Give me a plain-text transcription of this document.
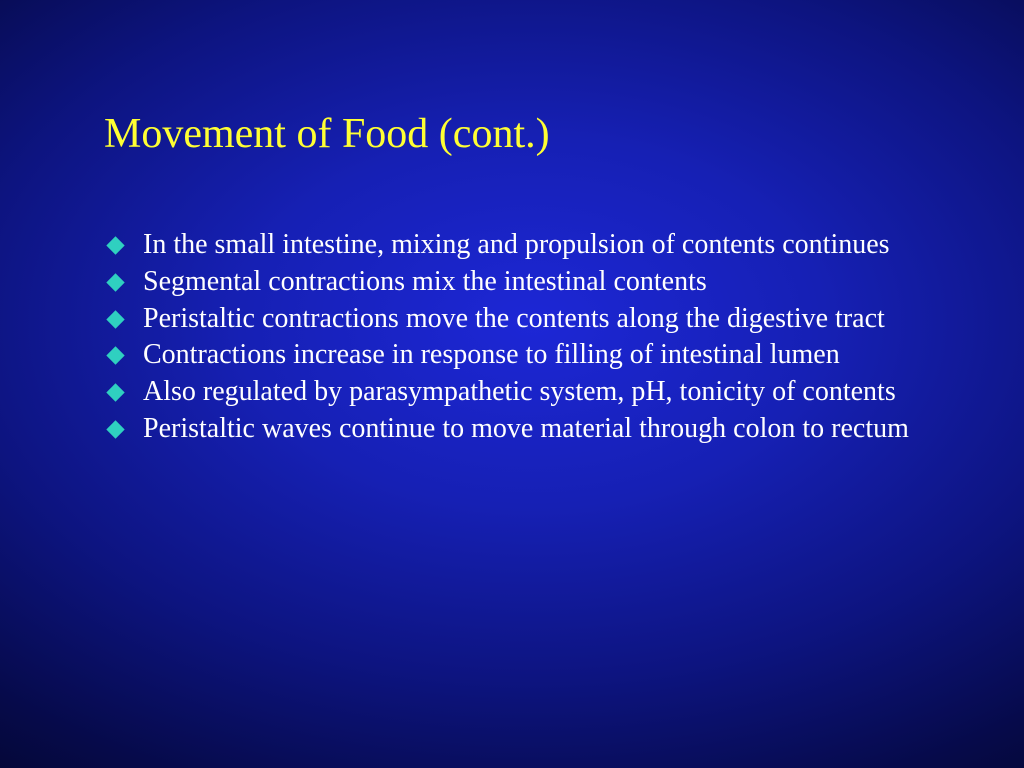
Movement of Food (cont.)
In the small intestine, mixing and propulsion of contents continues
Segmental contractions mix the intestinal contents
Peristaltic contractions move the contents along the digestive tract
Contractions increase in response to filling of intestinal lumen
Also regulated by parasympathetic system, pH, tonicity of contents
Peristaltic waves continue to move material through colon to rectum
